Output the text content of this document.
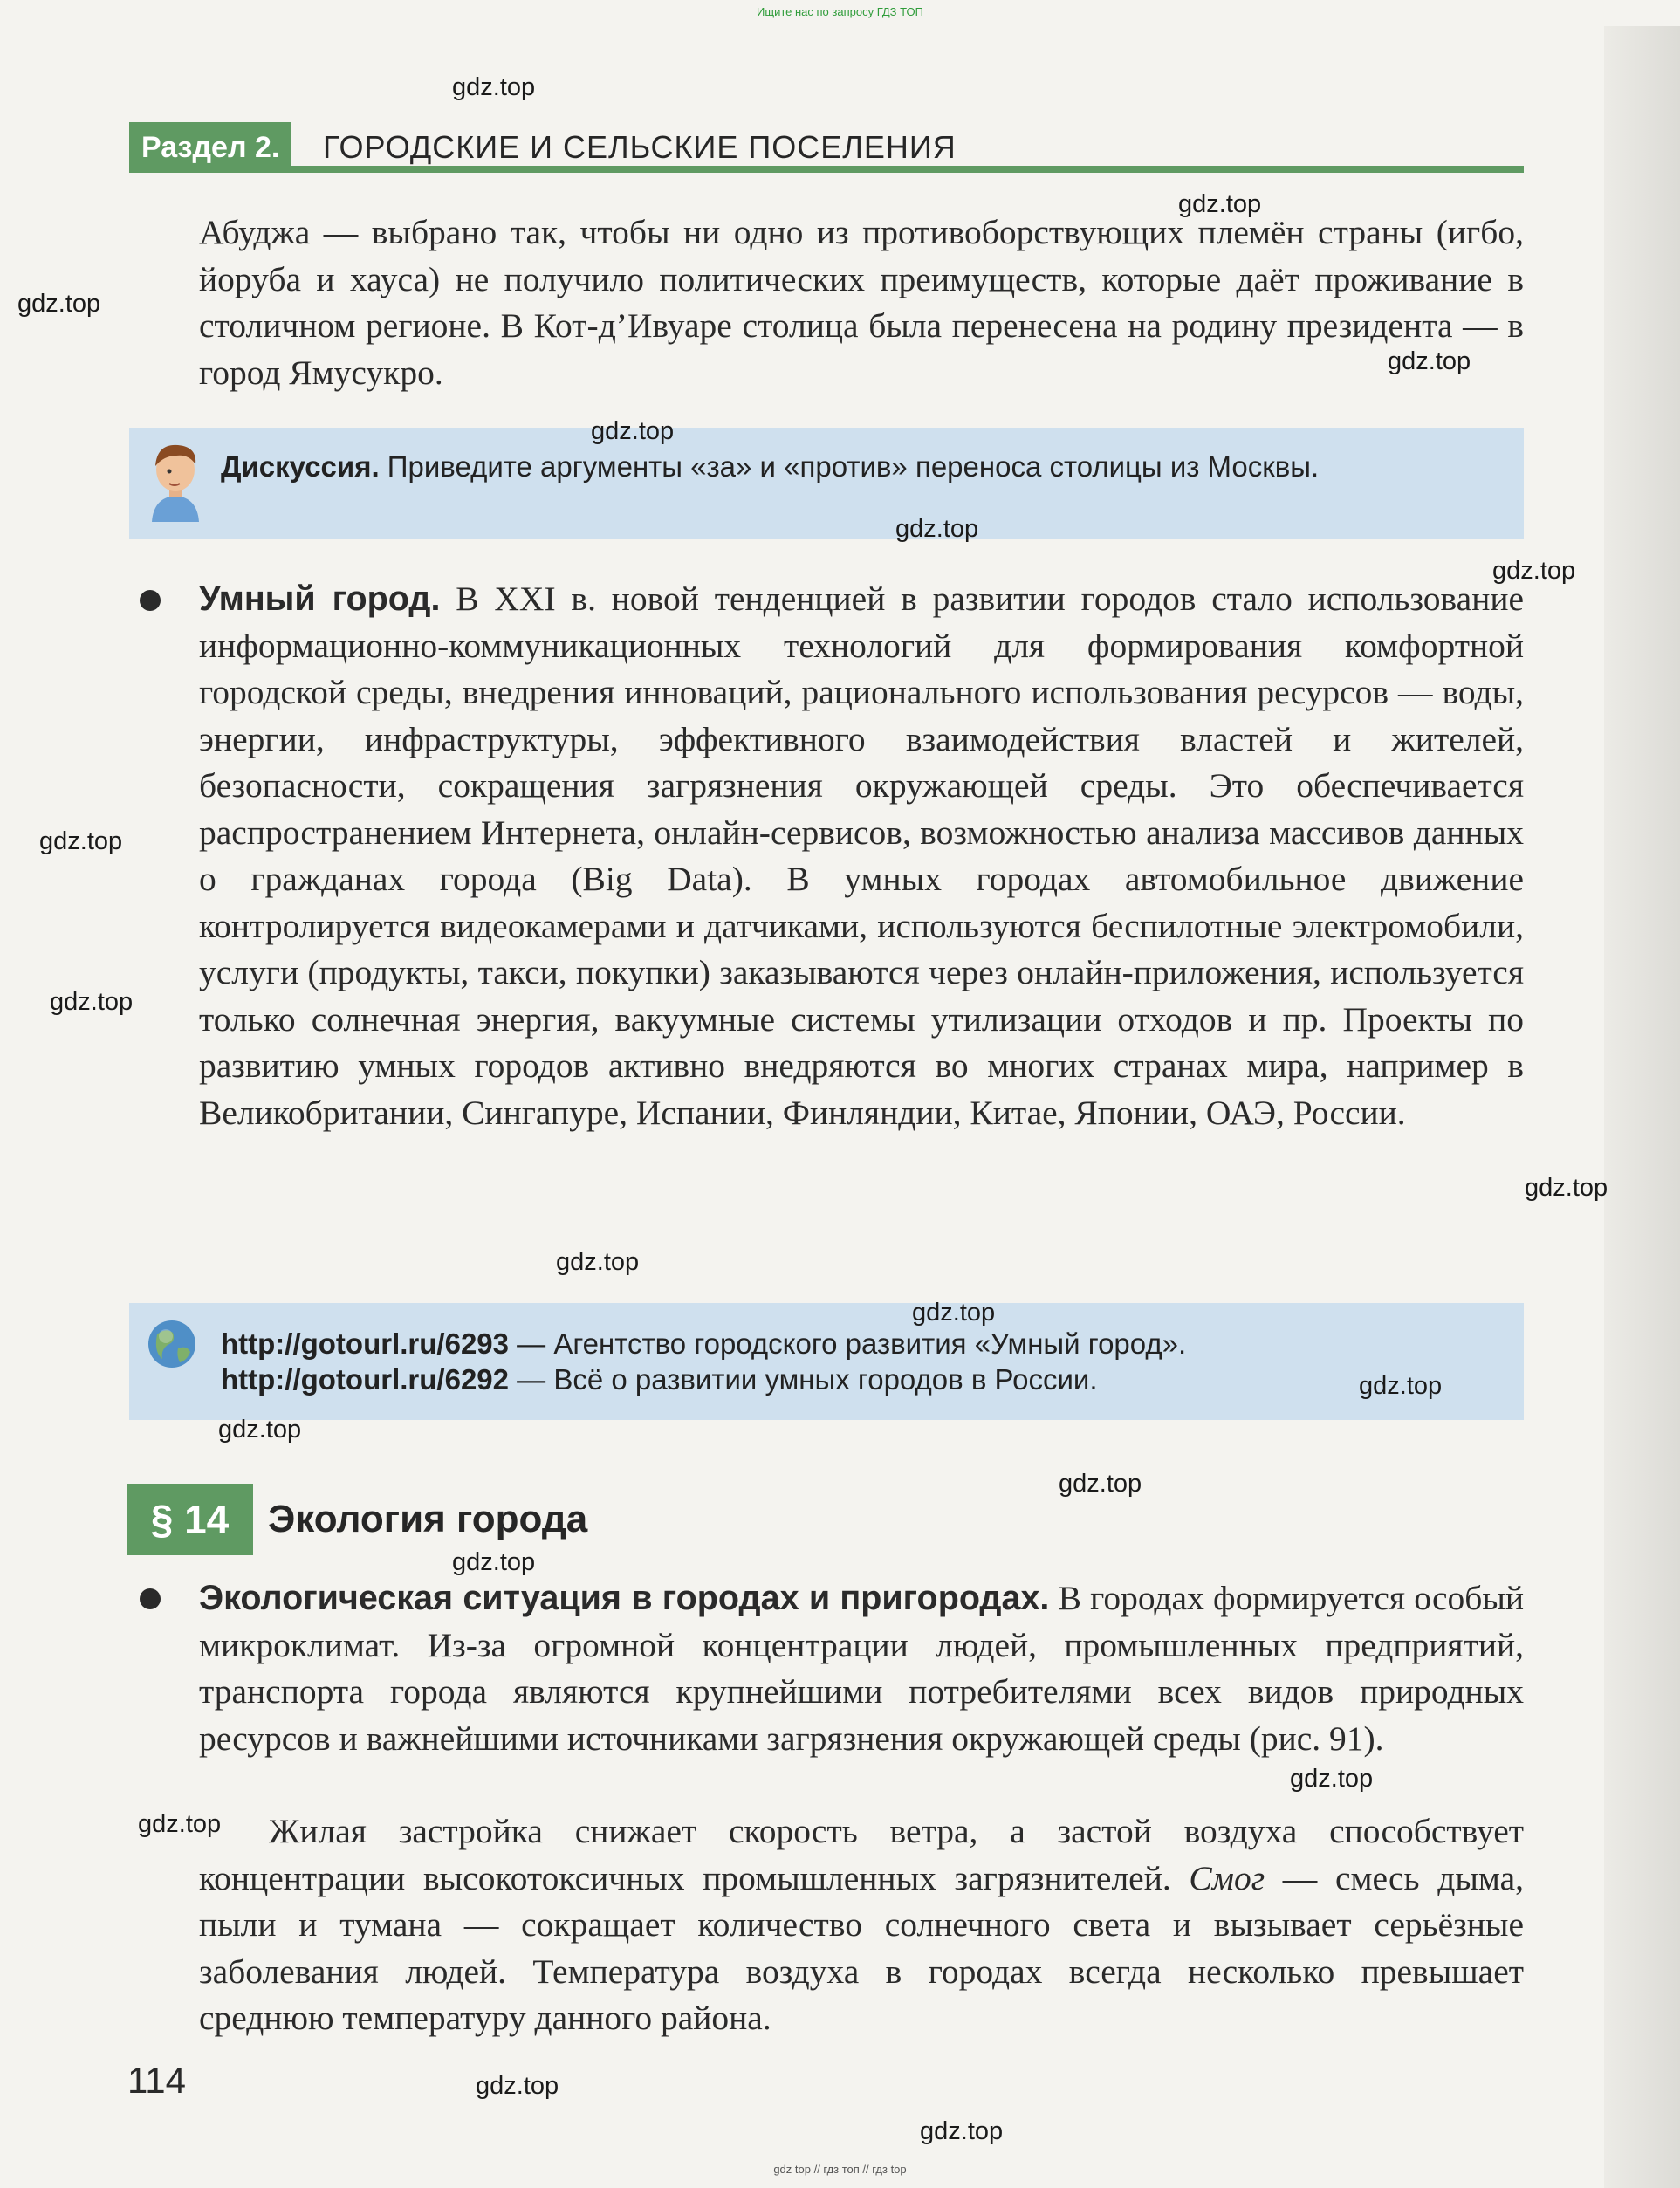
Ищите нас по запросу ГДЗ ТОП
Раздел 2.	ГОРОДСКИЕ И СЕЛЬСКИЕ ПОСЕЛЕНИЯ
Абуджа — выбрано так, чтобы ни одно из противоборствующих племён страны (игбо, йоруба и хауса) не получило политических преимуществ, которые даёт проживание в столичном регионе. В Кот-д’Ивуаре столица была перенесена на родину президента — в город Ямусукро.
Дискуссия. Приведите аргументы «за» и «против» переноса столицы из Москвы.
Умный город. В XXI в. новой тенденцией в развитии городов стало использование информационно-коммуникационных технологий для формирования комфортной городской среды, внедрения инноваций, рационального использования ресурсов — воды, энергии, инфраструктуры, эффективного взаимодействия властей и жителей, безопасности, сокращения загрязнения окружающей среды. Это обеспечивается распространением Интернета, онлайн-сервисов, возможностью анализа массивов данных о гражданах города (Big Data). В умных городах автомобильное движение контролируется видеокамерами и датчиками, используются беспилотные электромобили, услуги (продукты, такси, покупки) заказываются через онлайн-приложения, используется только солнечная энергия, вакуумные системы утилизации отходов и пр. Проекты по развитию умных городов активно внедряются во многих странах мира, например в Великобритании, Сингапуре, Испании, Финляндии, Китае, Японии, ОАЭ, России.
http://gotourl.ru/6293 — Агентство городского развития «Умный город».
http://gotourl.ru/6292 — Всё о развитии умных городов в России.
§ 14	Экология города
Экологическая ситуация в городах и пригородах. В городах формируется особый микроклимат. Из-за огромной концентрации людей, промышленных предприятий, транспорта города являются крупнейшими потребителями всех видов природных ресурсов и важнейшими источниками загрязнения окружающей среды (рис. 91).
Жилая застройка снижает скорость ветра, а застой воздуха способствует концентрации высокотоксичных промышленных загрязнителей. Смог — смесь дыма, пыли и тумана — сокращает количество солнечного света и вызывает серьёзные заболевания людей. Температура воздуха в городах всегда несколько превышает среднюю температуру данного района.
114
gdz.top
gdz.top
gdz.top
gdz.top
gdz.top
gdz.top
gdz.top
gdz.top
gdz.top
gdz.top
gdz.top
gdz.top
gdz.top
gdz.top
gdz.top
gdz.top
gdz.top
gdz.top
gdz.top
gdz.top
gdz top // гдз топ // гдз top
